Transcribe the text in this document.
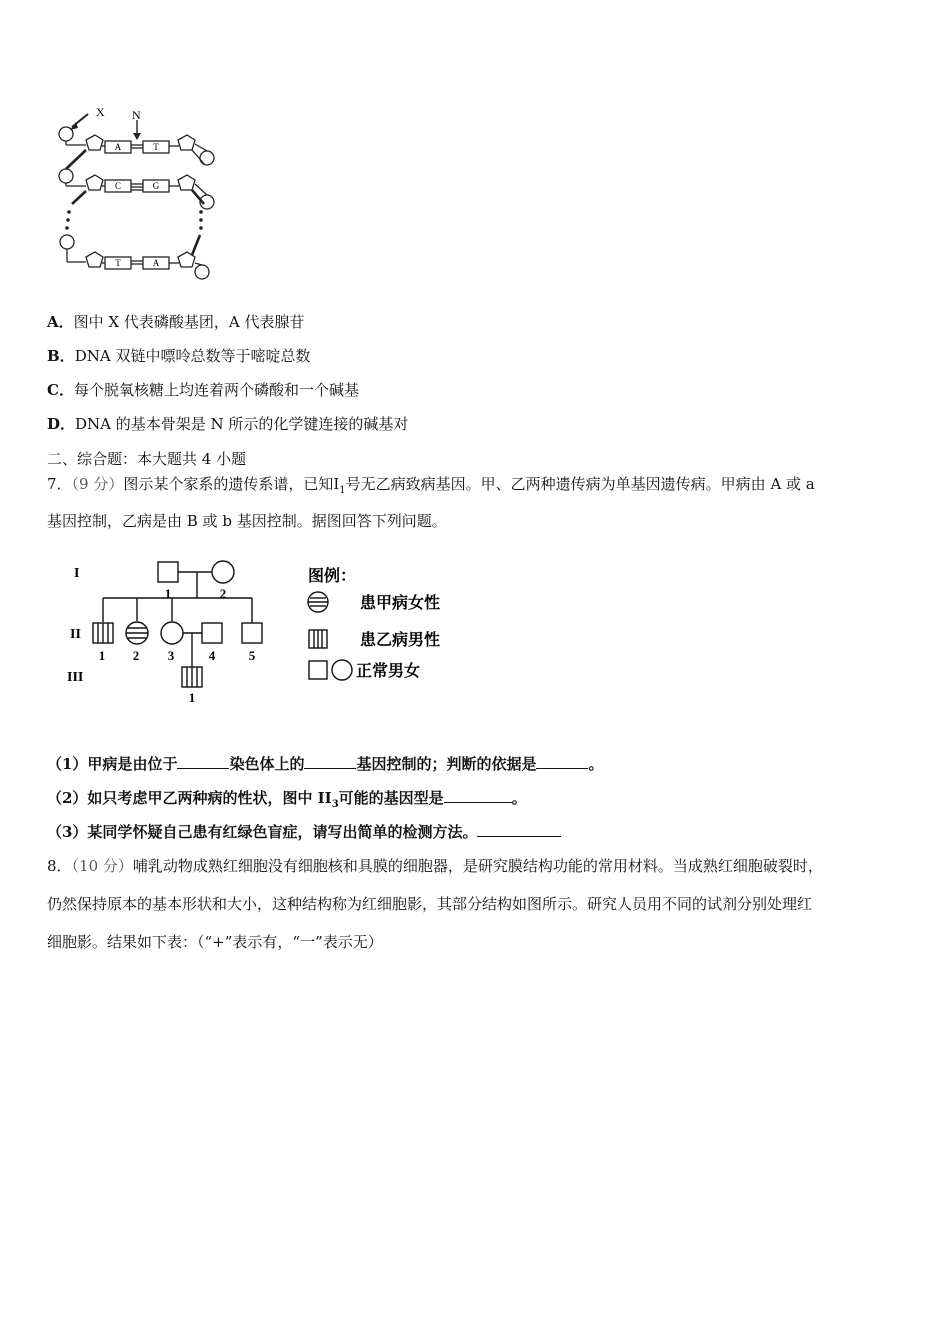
X N
A	T
C	G
T	A
A．图中 X 代表磷酸基团，A 代表腺苷
B．DNA 双链中嘌呤总数等于嘧啶总数
C．每个脱氧核糖上均连着两个磷酸和一个碱基
D．DNA 的基本骨架是 N 所示的化学键连接的碱基对
二、综合题：本大题共 4 小题
7．（9 分）图示某个家系的遗传系谱，已知$Ⅰ_1$号无乙病致病基因。甲、乙两种遗传病为单基因遗传病。甲病由 A 或 a
基因控制，乙病是由 B 或 b 基因控制。据图回答下列问题。
I
II
III
1	2
1 2 3	4	5
1
图例：
患甲病女性
患乙病男性
正常男女
（1）甲病是由位于	染色体上的	基因控制的；判断的依据是	。
（2）如只考虑甲乙两种病的性状，图中 $II_3$可能的基因型是	。
（3）某同学怀疑自己患有红绿色盲症，请写出简单的检测方法。
8．（10 分）哺乳动物成熟红细胞没有细胞核和具膜的细胞器，是研究膜结构功能的常用材料。当成熟红细胞破裂时，
仍然保持原本的基本形状和大小，这种结构称为红细胞影，其部分结构如图所示。研究人员用不同的试剂分别处理红
细胞影。结果如下表：（“+”表示有，“一”表示无）
